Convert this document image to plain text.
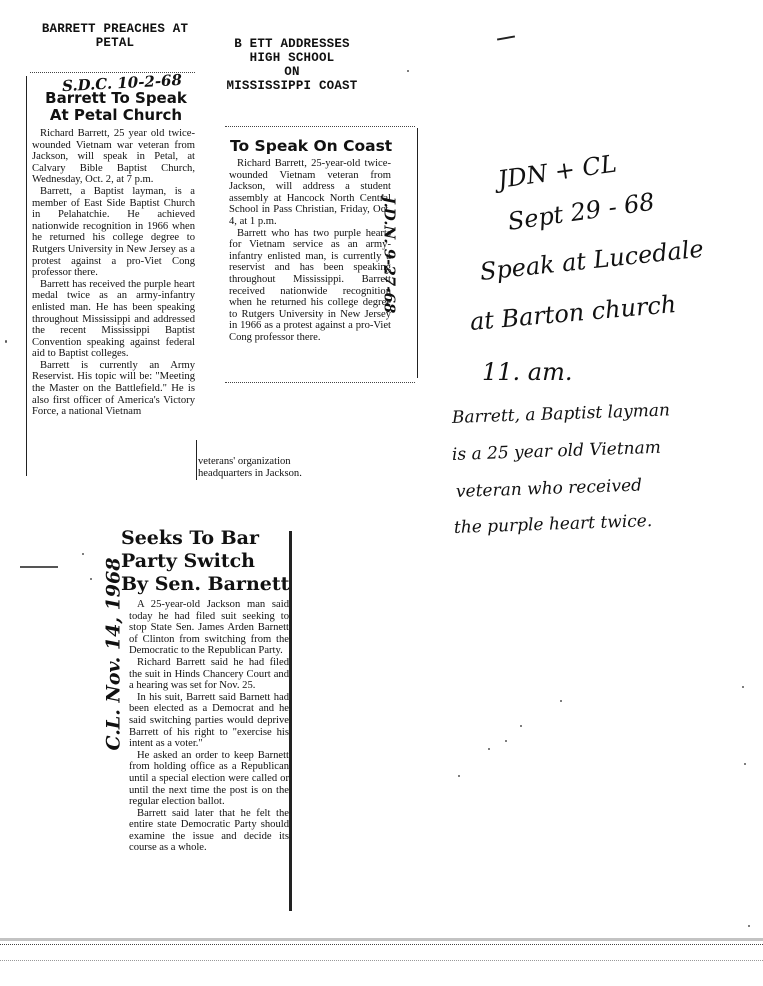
BARRETT PREACHES AT
PETAL	B ETT ADDRESSES
HIGH SCHOOL
ON
MISSISSIPPI COAST
S.D.C. 10-2-68
Barrett To Speak
At Petal Church

Richard Barrett, 25 year old twice-wounded Vietnam war veteran from Jackson, will speak in Petal, at Calvary Bible Baptist Church, Wednesday, Oct. 2, at 7 p.m.

Barrett, a Baptist layman, is a member of East Side Baptist Church in Pelahatchie. He achieved nationwide recognition in 1966 when he returned his college degree to Rutgers University in New Jersey as a protest against a pro-Viet Cong professor there.

Barrett has received the purple heart medal twice as an army-infantry enlisted man. He has been speaking throughout Mississippi and addressed the recent Mississippi Baptist Convention speaking against federal aid to Baptist colleges.

Barrett is currently an Army Reservist. His topic will be: "Meeting the Master on the Battlefield." He is also first officer of America's Victory Force, a national Vietnam

veterans' organization headquarters in Jackson.
To Speak On Coast

Richard Barrett, 25-year-old twice-wounded Vietnam veteran from Jackson, will address a student assembly at Hancock North Central School in Pass Christian, Friday, Oct. 4, at 1 p.m.

Barrett who has two purple hearts for Vietnam service as an army-infantry enlisted man, is currently a reservist and has been speaking throughout Mississippi. Barrett received nationwide recognition when he returned his college degree to Rutgers University in New Jersey in 1966 as a protest against a pro-Viet Cong professor there.

J.D.N. 9-27-68
Seeks To Bar
Party Switch
By Sen. Barnett

A 25-year-old Jackson man said today he had filed suit seeking to stop State Sen. James Arden Barnett of Clinton from switching from the Democratic to the Republican Party.

Richard Barrett said he had filed the suit in Hinds Chancery Court and a hearing was set for Nov. 25.

In his suit, Barrett said Barnett had been elected as a Democrat and he said switching parties would deprive Barrett of his right to "exercise his intent as a voter."

He asked an order to keep Barnett from holding office as a Republican until a special election were called or until the next time the post is on the regular election ballot.

Barrett said later that he felt the entire state Democratic Party should examine the issue and decide its course as a whole.

C.L. Nov. 14, 1968
JDN + CL
Sept 29 - 68
Speak at Lucedale
at Barton church
11. am.
Barrett, a Baptist layman
is a 25 year old Vietnam
veteran who received
the purple heart twice.
